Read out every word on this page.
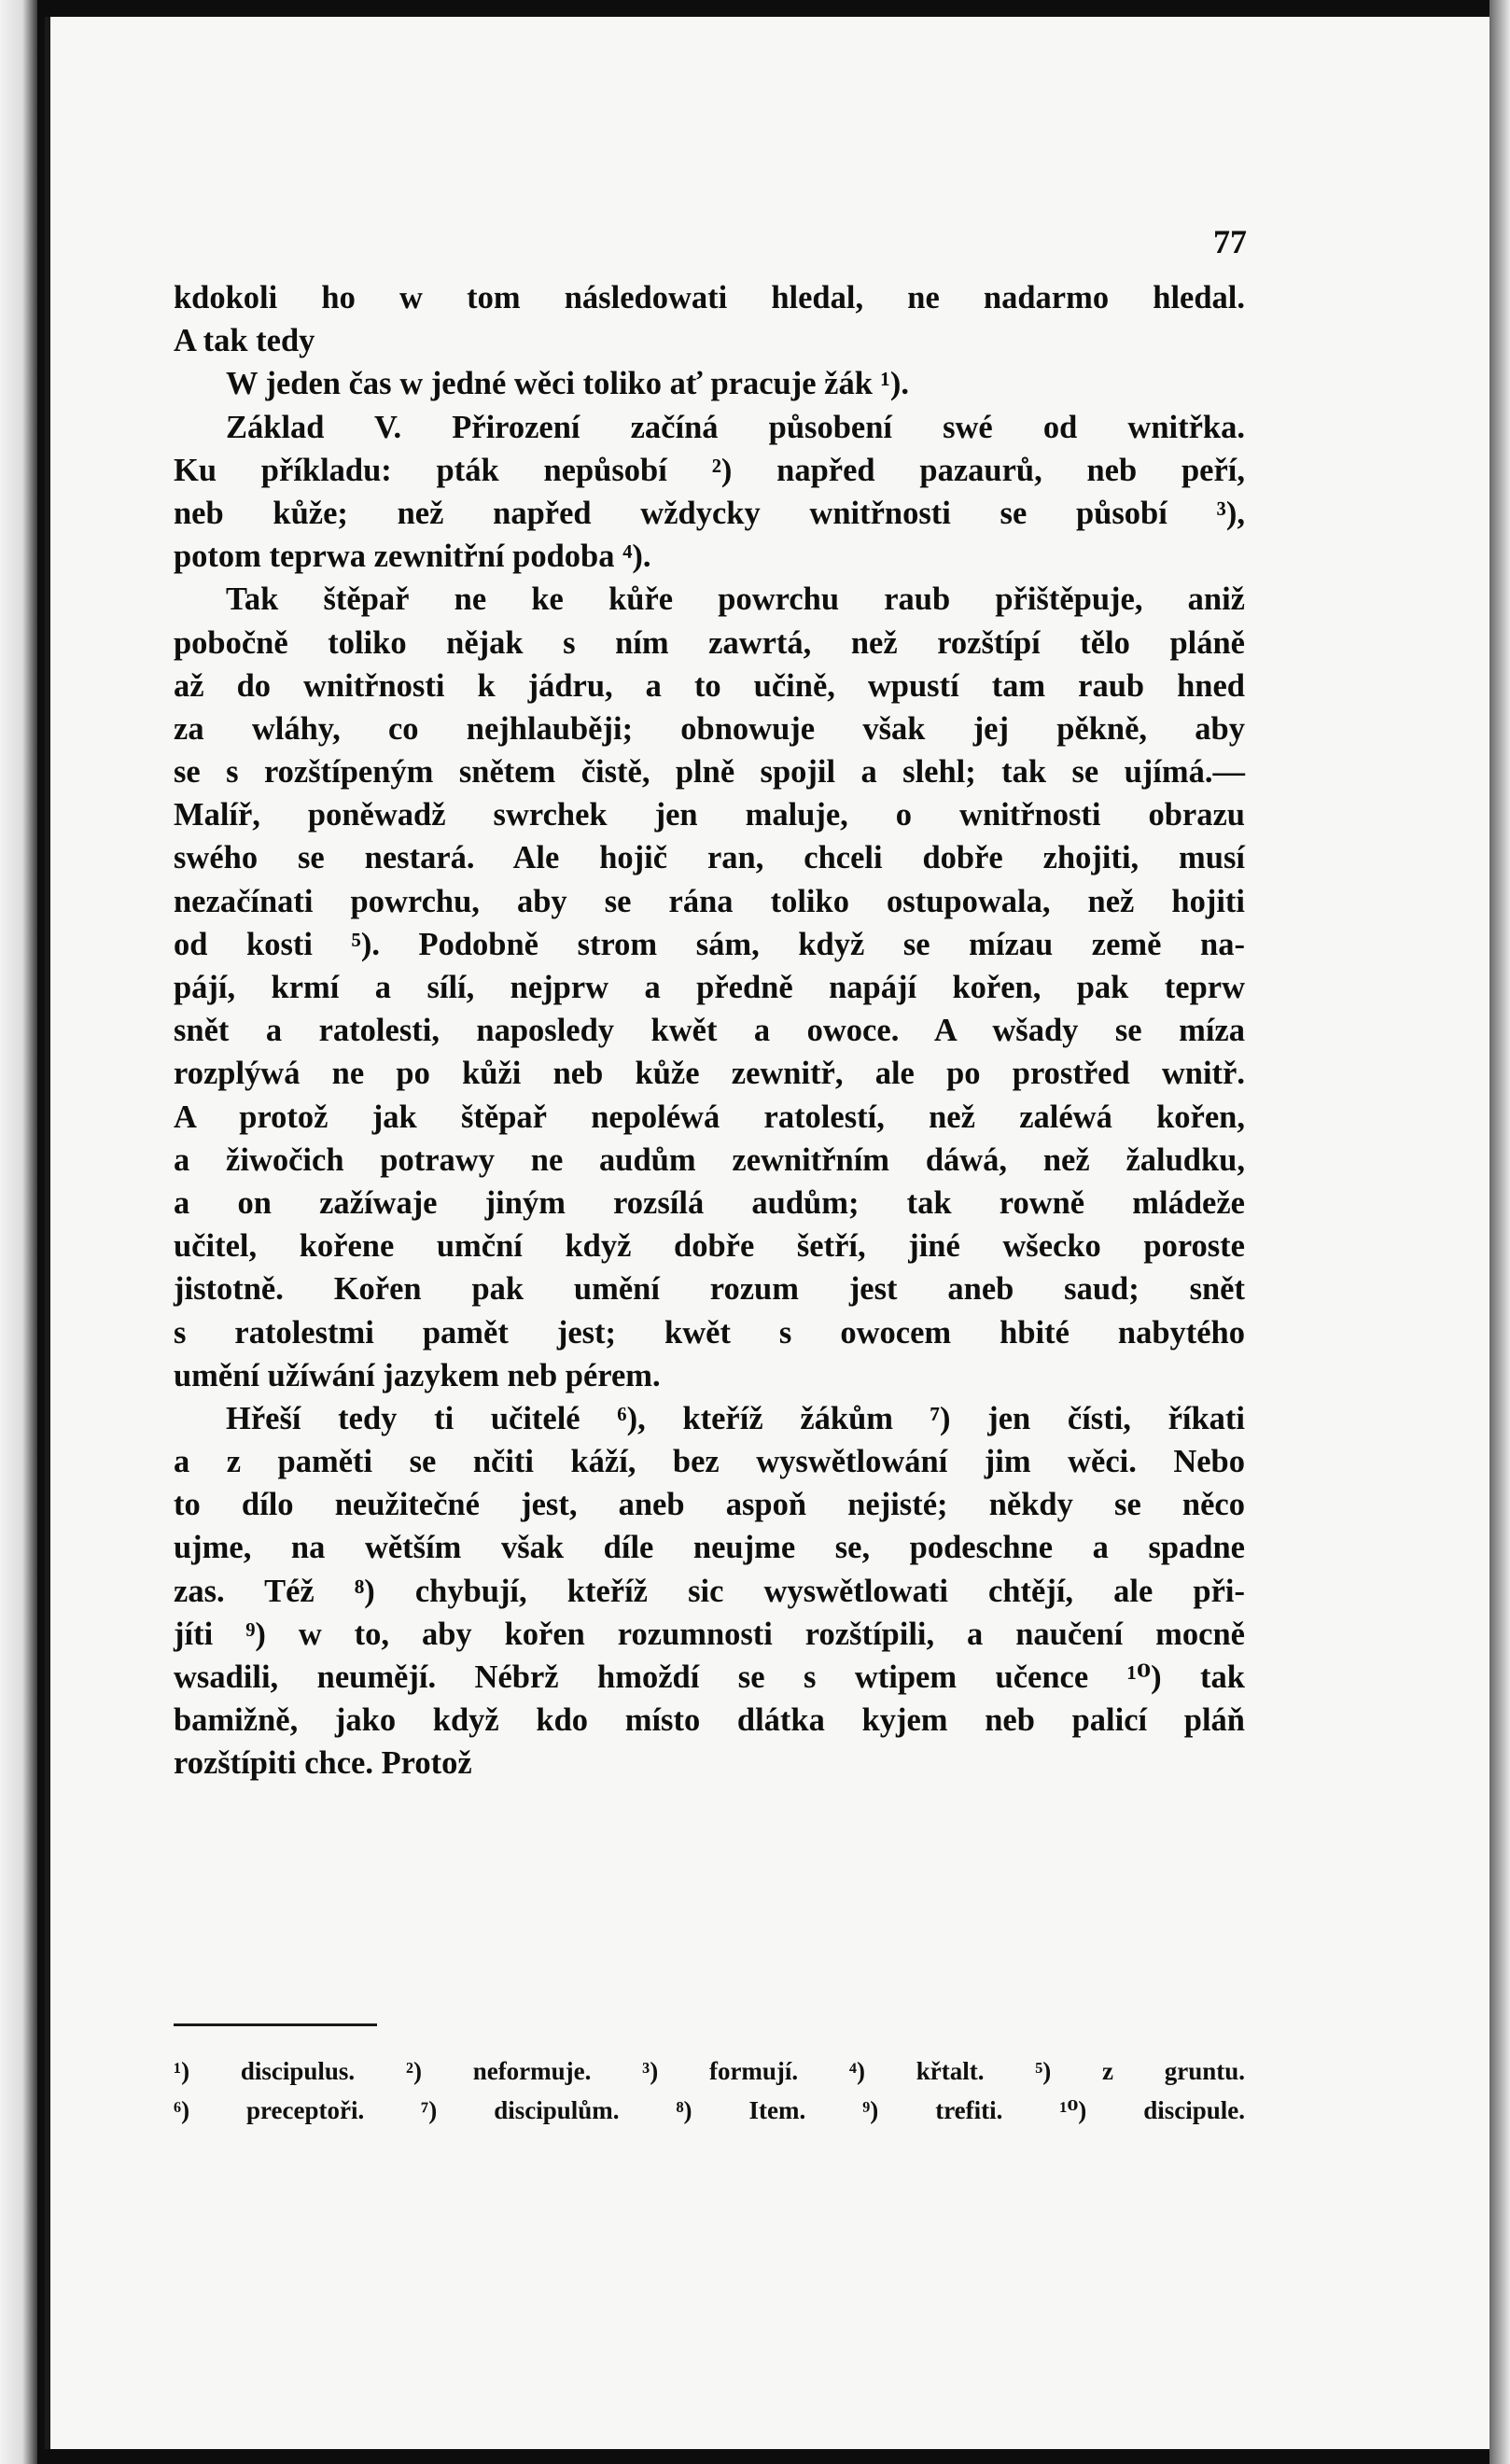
77
kdokoli ho w tom následowati hledal, ne nadarmo hledal.
A tak tedy
W jeden čas w jedné wěci toliko ať pracuje žák ¹).
Základ V. Přirození začíná působení swé od wnitřka.
Ku příkladu: pták nepůsobí ²) napřed pazaurů, neb peří,
neb kůže; než napřed wždycky wnitřnosti se působí ³),
potom teprwa zewnitřní podoba ⁴).
Tak štěpař ne ke kůře powrchu raub přištěpuje, aniž
pobočně toliko nějak s ním zawrtá, než rozštípí tělo pláně
až do wnitřnosti k jádru, a to učině, wpustí tam raub hned
za wláhy, co nejhlauběji; obnowuje však jej pěkně, aby
se s rozštípeným snětem čistě, plně spojil a slehl; tak se ujímá.—
Malíř, poněwadž swrchek jen maluje, o wnitřnosti obrazu
swého se nestará. Ale hojič ran, chceli dobře zhojiti, musí
nezačínati powrchu, aby se rána toliko ostupowala, než hojiti
od kosti ⁵). Podobně strom sám, když se mízau země na-
pájí, krmí a sílí, nejprw a předně napájí kořen, pak teprw
snět a ratolesti, naposledy kwět a owoce. A wšady se míza
rozplýwá ne po kůži neb kůže zewnitř, ale po prostřed wnitř.
A protož jak štěpař nepoléwá ratolestí, než zaléwá kořen,
a žiwočich potrawy ne audům zewnitřním dáwá, než žaludku,
a on zažíwaje jiným rozsílá audům; tak rowně mládeže
učitel, kořene umční když dobře šetří, jiné wšecko poroste
jistotně. Kořen pak umění rozum jest aneb saud; snět
s ratolestmi pamět jest; kwět s owocem hbité nabytého
umění užíwání jazykem neb pérem.
Hřeší tedy ti učitelé ⁶), kteříž žákům ⁷) jen čísti, říkati
a z paměti se nčiti káží, bez wyswětlowání jim wěci. Nebo
to dílo neužitečné jest, aneb aspoň nejisté; někdy se něco
ujme, na wětším však díle neujme se, podeschne a spadne
zas. Též ⁸) chybují, kteříž sic wyswětlowati chtějí, ale při-
jíti ⁹) w to, aby kořen rozumnosti rozštípili, a naučení mocně
wsadili, neumějí. Nébrž hmoždí se s wtipem učence ¹⁰) tak
bamižně, jako když kdo místo dlátka kyjem neb palicí pláň
rozštípiti chce. Protož
¹) discipulus. ²) neformuje. ³) formují. ⁴) křtalt. ⁵) z gruntu.
⁶) preceptoři. ⁷) discipulům. ⁸) Item. ⁹) trefiti. ¹⁰) discipule.
